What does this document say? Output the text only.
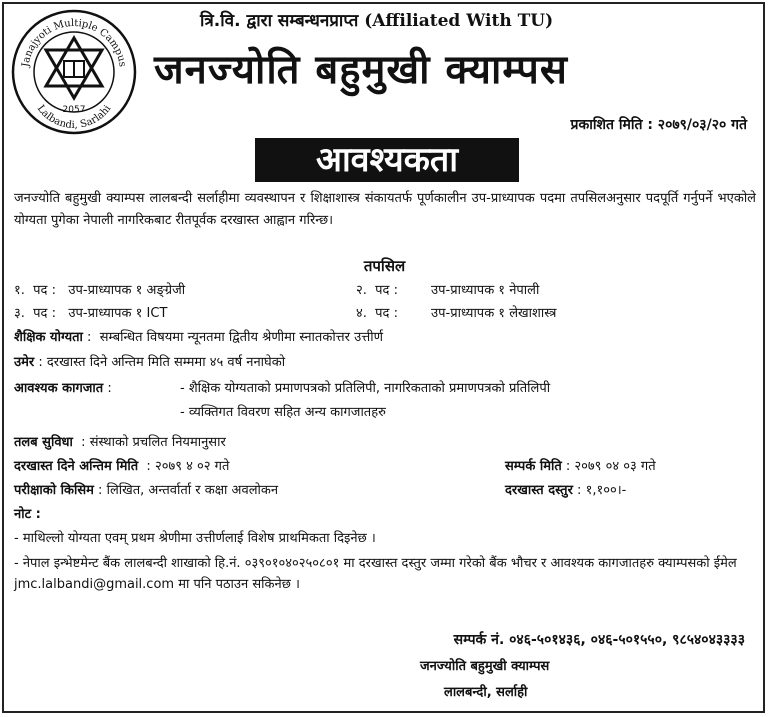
Janajyoti Multiple Campus
Lalbandi, Sarlahi
2057
त्रि.वि. द्वारा सम्बन्धनप्राप्त (Affiliated With TU)
जनज्योति बहुमुखी क्याम्पस
प्रकाशित मिति : २०७९/०३/२० गते
आवश्यकता
जनज्योति बहुमुखी क्याम्पस लालबन्दी सर्लाहीमा व्यवस्थापन र शिक्षाशास्त्र संकायतर्फ पूर्णकालीन उप-प्राध्यापक पदमा तपसिलअनुसार पदपूर्ति गर्नुपर्ने भएकोले योग्यता पुगेका नेपाली नागरिकबाट रीतपूर्वक दरखास्त आह्वान गरिन्छ।
तपसिल
१. पद :   उप-प्राध्यापक १ अङ्ग्रेजी	२. पद :        उप-प्राध्यापक १ नेपाली
३. पद :   उप-प्राध्यापक १ ICT	४. पद :        उप-प्राध्यापक १ लेखाशास्त्र
शैक्षिक योग्यता :  सम्बन्धित विषयमा न्यूनतमा द्वितीय श्रेणीमा स्नातकोत्तर उत्तीर्ण
उमेर : दरखास्त दिने अन्तिम मिति सम्ममा ४५ वर्ष ननाघेको
आवश्यक कागजात :	- शैक्षिक योग्यताको प्रमाणपत्रको प्रतिलिपी, नागरिकताको प्रमाणपत्रको प्रतिलिपी
- व्यक्तिगत विवरण सहित अन्य कागजातहरु
तलब सुविधा  : संस्थाको प्रचलित नियमानुसार
दरखास्त दिने अन्तिम मिति  : २०७९ ४ ०२ गते	सम्पर्क मिति : २०७९ ०४ ०३ गते
परीक्षाको किसिम : लिखित, अन्तर्वार्ता र कक्षा अवलोकन	दरखास्त दस्तुर : १,१००।-
नोट :
- माथिल्लो योग्यता एवम् प्रथम श्रेणीमा उत्तीर्णलाई विशेष प्राथमिकता दिइनेछ ।
- नेपाल इन्भेष्टमेन्ट बैंक लालबन्दी शाखाको हि.नं. ०३९०१०४०२५०८०१ मा दरखास्त दस्तुर जम्मा गरेको बैंक भौचर र आवश्यक कागजातहरु क्याम्पसको ईमेल jmc.lalbandi@gmail.com मा पनि पठाउन सकिनेछ ।
सम्पर्क नं. ०४६-५०१४३६, ०४६-५०१५५०, ९८५४०४३३३३
जनज्योति बहुमुखी क्याम्पस
लालबन्दी, सर्लाही
